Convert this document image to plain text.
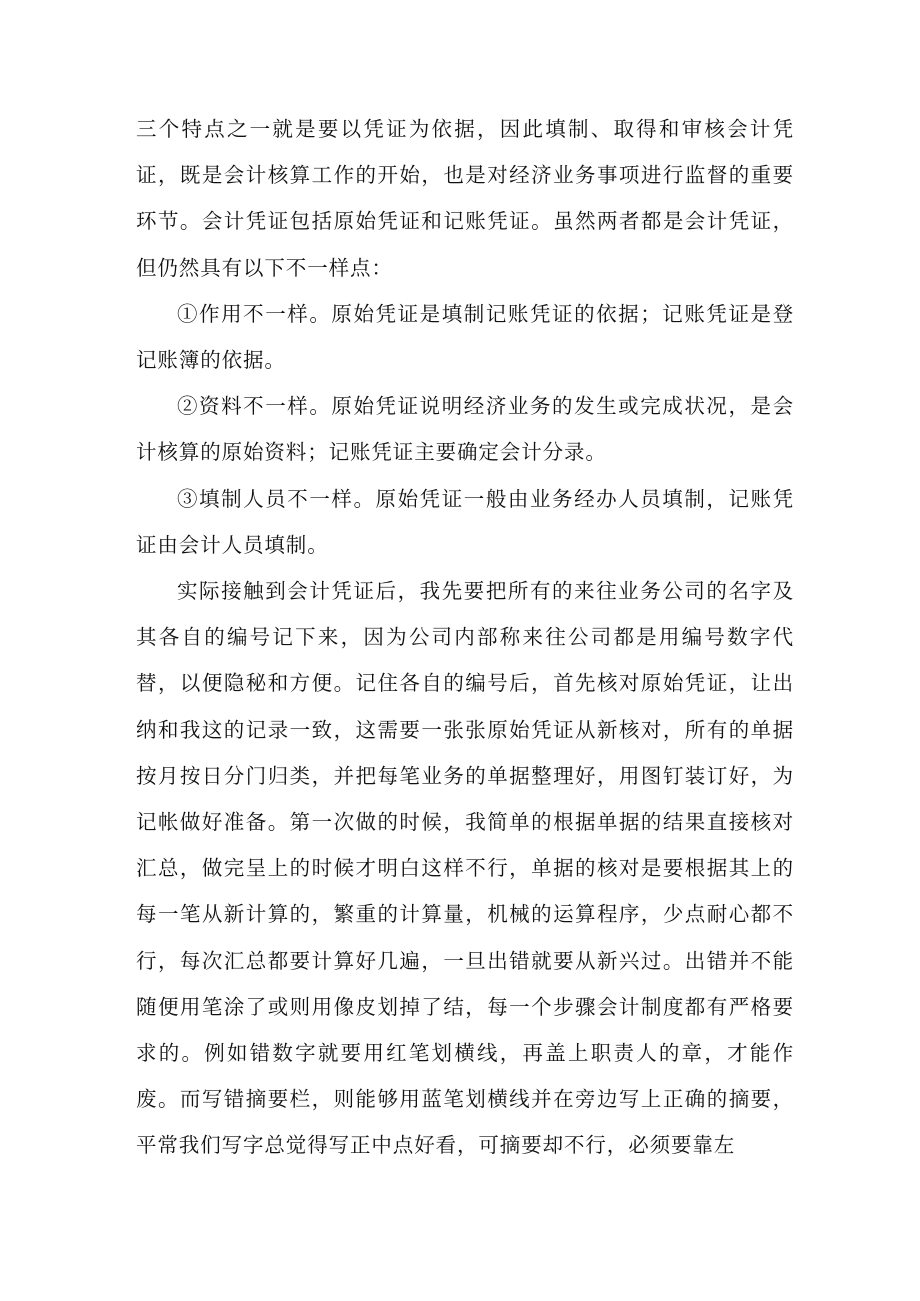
三个特点之一就是要以凭证为依据，因此填制、取得和审核会计凭证，既是会计核算工作的开始，也是对经济业务事项进行监督的重要环节。会计凭证包括原始凭证和记账凭证。虽然两者都是会计凭证，但仍然具有以下不一样点：

①作用不一样。原始凭证是填制记账凭证的依据；记账凭证是登记账簿的依据。

②资料不一样。原始凭证说明经济业务的发生或完成状况，是会计核算的原始资料；记账凭证主要确定会计分录。

③填制人员不一样。原始凭证一般由业务经办人员填制，记账凭证由会计人员填制。

实际接触到会计凭证后，我先要把所有的来往业务公司的名字及其各自的编号记下来，因为公司内部称来往公司都是用编号数字代替，以便隐秘和方便。记住各自的编号后，首先核对原始凭证，让出纳和我这的记录一致，这需要一张张原始凭证从新核对，所有的单据按月按日分门归类，并把每笔业务的单据整理好，用图钉装订好，为记帐做好准备。第一次做的时候，我简单的根据单据的结果直接核对汇总，做完呈上的时候才明白这样不行，单据的核对是要根据其上的每一笔从新计算的，繁重的计算量，机械的运算程序，少点耐心都不行，每次汇总都要计算好几遍，一旦出错就要从新兴过。出错并不能随便用笔涂了或则用像皮划掉了结，每一个步骤会计制度都有严格要求的。例如错数字就要用红笔划横线，再盖上职责人的章，才能作废。而写错摘要栏，则能够用蓝笔划横线并在旁边写上正确的摘要，平常我们写字总觉得写正中点好看，可摘要却不行，必须要靠左
